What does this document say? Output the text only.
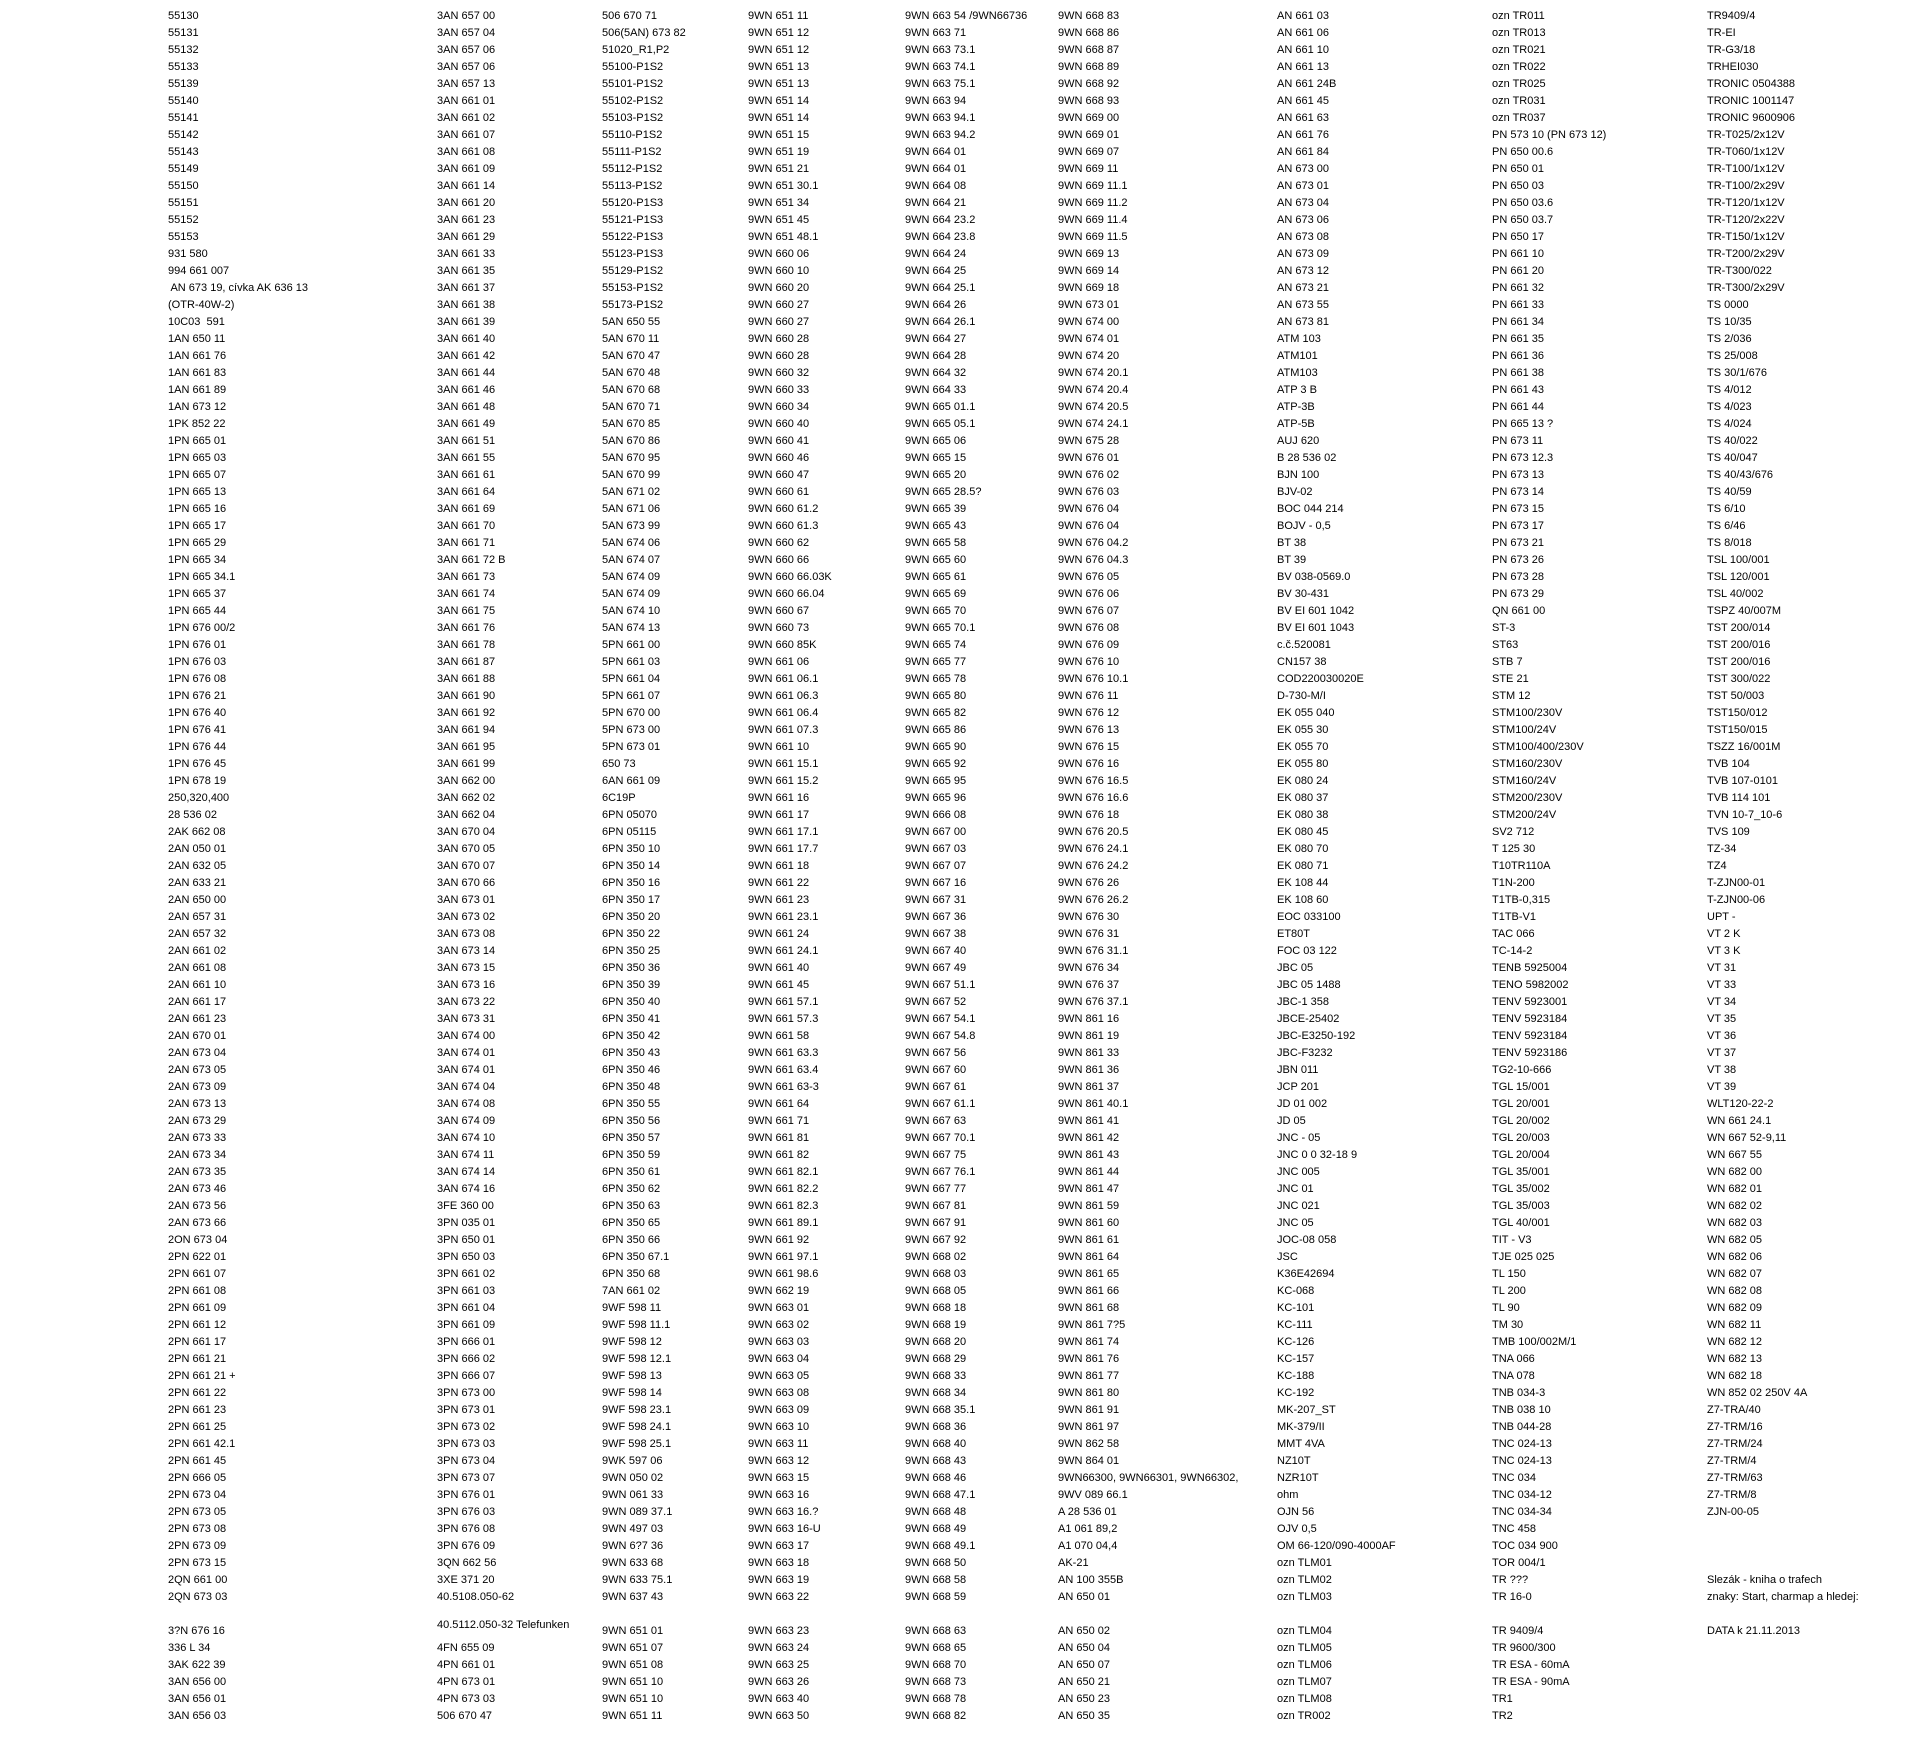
55130
55131
55132
55133
55139
55140
55141
55142
55143
55149
55150
55151
55152
55153
931 580
994 661 007
AN 673 19, cívka AK 636 13
(OTR-40W-2)
10C03  591
1AN 650 11
1AN 661 76
1AN 661 83
1AN 661 89
1AN 673 12
1PK 852 22
1PN 665 01
1PN 665 03
1PN 665 07
1PN 665 13
1PN 665 16
1PN 665 17
1PN 665 29
1PN 665 34
1PN 665 34.1
1PN 665 37
1PN 665 44
1PN 676 00/2
1PN 676 01
1PN 676 03
1PN 676 08
1PN 676 21
1PN 676 40
1PN 676 41
1PN 676 44
1PN 676 45
1PN 678 19
250,320,400
28 536 02
2AK 662 08
2AN 050 01
2AN 632 05
2AN 633 21
2AN 650 00
2AN 657 31
2AN 657 32
2AN 661 02
2AN 661 08
2AN 661 10
2AN 661 17
2AN 661 23
2AN 670 01
2AN 673 04
2AN 673 05
2AN 673 09
2AN 673 13
2AN 673 29
2AN 673 33
2AN 673 34
2AN 673 35
2AN 673 46
2AN 673 56
2AN 673 66
2ON 673 04
2PN 622 01
2PN 661 07
2PN 661 08
2PN 661 09
2PN 661 12
2PN 661 17
2PN 661 21
2PN 661 21 +
2PN 661 22
2PN 661 23
2PN 661 25
2PN 661 42.1
2PN 661 45
2PN 666 05
2PN 673 04
2PN 673 05
2PN 673 08
2PN 673 09
2PN 673 15
2QN 661 00
2QN 673 03
3?N 676 16
336 L 34
3AK 622 39
3AN 656 00
3AN 656 01
3AN 656 03
3AN 657 00
3AN 657 04
3AN 657 06
3AN 657 06
3AN 657 13
3AN 661 01
3AN 661 02
3AN 661 07
3AN 661 08
3AN 661 09
3AN 661 14
3AN 661 20
3AN 661 23
3AN 661 29
3AN 661 33
3AN 661 35
3AN 661 37
3AN 661 38
3AN 661 39
3AN 661 40
3AN 661 42
3AN 661 44
3AN 661 46
3AN 661 48
3AN 661 49
3AN 661 51
3AN 661 55
3AN 661 61
3AN 661 64
3AN 661 69
3AN 661 70
3AN 661 71
3AN 661 72 B
3AN 661 73
3AN 661 74
3AN 661 75
3AN 661 76
3AN 661 78
3AN 661 87
3AN 661 88
3AN 661 90
3AN 661 92
3AN 661 94
3AN 661 95
3AN 661 99
3AN 662 00
3AN 662 02
3AN 662 04
3AN 670 04
3AN 670 05
3AN 670 07
3AN 670 66
3AN 673 01
3AN 673 02
3AN 673 08
3AN 673 14
3AN 673 15
3AN 673 16
3AN 673 22
3AN 673 31
3AN 674 00
3AN 674 01
3AN 674 01
3AN 674 04
3AN 674 08
3AN 674 09
3AN 674 10
3AN 674 11
3AN 674 14
3AN 674 16
3FE 360 00
3PN 035 01
3PN 650 01
3PN 650 03
3PN 661 02
3PN 661 03
3PN 661 04
3PN 661 09
3PN 666 01
3PN 666 02
3PN 666 07
3PN 673 00
3PN 673 01
3PN 673 02
3PN 673 03
3PN 673 04
3PN 673 07
3PN 676 01
3PN 676 03
3PN 676 08
3PN 676 09
3QN 662 56
3XE 371 20
40.5108.050-62
40.5112.050-32 Telefunken
4FN 655 09
4PN 661 01
4PN 673 01
4PN 673 03
506 670 47
506 670 71
506(5AN) 673 82
51020_R1,P2
55100-P1S2
55101-P1S2
55102-P1S2
55103-P1S2
55110-P1S2
55111-P1S2
55112-P1S2
55113-P1S2
55120-P1S3
55121-P1S3
55122-P1S3
55123-P1S3
55129-P1S2
55153-P1S2
55173-P1S2
5AN 650 55
5AN 670 11
5AN 670 47
5AN 670 48
5AN 670 68
5AN 670 71
5AN 670 85
5AN 670 86
5AN 670 95
5AN 670 99
5AN 671 02
5AN 671 06
5AN 673 99
5AN 674 06
5AN 674 07
5AN 674 09
5AN 674 09
5AN 674 10
5AN 674 13
5PN 661 00
5PN 661 03
5PN 661 04
5PN 661 07
5PN 670 00
5PN 673 00
5PN 673 01
650 73
6AN 661 09
6C19P
6PN 05070
6PN 05115
6PN 350 10
6PN 350 14
6PN 350 16
6PN 350 17
6PN 350 20
6PN 350 22
6PN 350 25
6PN 350 36
6PN 350 39
6PN 350 40
6PN 350 41
6PN 350 42
6PN 350 43
6PN 350 46
6PN 350 48
6PN 350 55
6PN 350 56
6PN 350 57
6PN 350 59
6PN 350 61
6PN 350 62
6PN 350 63
6PN 350 65
6PN 350 66
6PN 350 67.1
6PN 350 68
7AN 661 02
9WF 598 11
9WF 598 11.1
9WF 598 12
9WF 598 12.1
9WF 598 13
9WF 598 14
9WF 598 23.1
9WF 598 24.1
9WF 598 25.1
9WK 597 06
9WN 050 02
9WN 061 33
9WN 089 37.1
9WN 497 03
9WN 6?7 36
9WN 633 68
9WN 633 75.1
9WN 637 43
9WN 651 01
9WN 651 07
9WN 651 08
9WN 651 10
9WN 651 10
9WN 651 11
9WN 651 11
9WN 651 12
9WN 651 12
9WN 651 13
9WN 651 13
9WN 651 14
9WN 651 14
9WN 651 15
9WN 651 19
9WN 651 21
9WN 651 30.1
9WN 651 34
9WN 651 45
9WN 651 48.1
9WN 660 06
9WN 660 10
9WN 660 20
9WN 660 27
9WN 660 27
9WN 660 28
9WN 660 28
9WN 660 32
9WN 660 33
9WN 660 34
9WN 660 40
9WN 660 41
9WN 660 46
9WN 660 47
9WN 660 61
9WN 660 61.2
9WN 660 61.3
9WN 660 62
9WN 660 66
9WN 660 66.03K
9WN 660 66.04
9WN 660 67
9WN 660 73
9WN 660 85K
9WN 661 06
9WN 661 06.1
9WN 661 06.3
9WN 661 06.4
9WN 661 07.3
9WN 661 10
9WN 661 15.1
9WN 661 15.2
9WN 661 16
9WN 661 17
9WN 661 17.1
9WN 661 17.7
9WN 661 18
9WN 661 22
9WN 661 23
9WN 661 23.1
9WN 661 24
9WN 661 24.1
9WN 661 40
9WN 661 45
9WN 661 57.1
9WN 661 57.3
9WN 661 58
9WN 661 63.3
9WN 661 63.4
9WN 661 63-3
9WN 661 64
9WN 661 71
9WN 661 81
9WN 661 82
9WN 661 82.1
9WN 661 82.2
9WN 661 82.3
9WN 661 89.1
9WN 661 92
9WN 661 97.1
9WN 661 98.6
9WN 662 19
9WN 663 01
9WN 663 02
9WN 663 03
9WN 663 04
9WN 663 05
9WN 663 08
9WN 663 09
9WN 663 10
9WN 663 11
9WN 663 12
9WN 663 15
9WN 663 16
9WN 663 16.?
9WN 663 16-U
9WN 663 17
9WN 663 18
9WN 663 19
9WN 663 22
9WN 663 23
9WN 663 24
9WN 663 25
9WN 663 26
9WN 663 40
9WN 663 50
9WN 663 54 /9WN66736
9WN 663 71
9WN 663 73.1
9WN 663 74.1
9WN 663 75.1
9WN 663 94
9WN 663 94.1
9WN 663 94.2
9WN 664 01
9WN 664 01
9WN 664 08
9WN 664 21
9WN 664 23.2
9WN 664 23.8
9WN 664 24
9WN 664 25
9WN 664 25.1
9WN 664 26
9WN 664 26.1
9WN 664 27
9WN 664 28
9WN 664 32
9WN 664 33
9WN 665 01.1
9WN 665 05.1
9WN 665 06
9WN 665 15
9WN 665 20
9WN 665 28.5?
9WN 665 39
9WN 665 43
9WN 665 58
9WN 665 60
9WN 665 61
9WN 665 69
9WN 665 70
9WN 665 70.1
9WN 665 74
9WN 665 77
9WN 665 78
9WN 665 80
9WN 665 82
9WN 665 86
9WN 665 90
9WN 665 92
9WN 665 95
9WN 665 96
9WN 666 08
9WN 667 00
9WN 667 03
9WN 667 07
9WN 667 16
9WN 667 31
9WN 667 36
9WN 667 38
9WN 667 40
9WN 667 49
9WN 667 51.1
9WN 667 52
9WN 667 54.1
9WN 667 54.8
9WN 667 56
9WN 667 60
9WN 667 61
9WN 667 61.1
9WN 667 63
9WN 667 70.1
9WN 667 75
9WN 667 76.1
9WN 667 77
9WN 667 81
9WN 667 91
9WN 667 92
9WN 668 02
9WN 668 03
9WN 668 05
9WN 668 18
9WN 668 19
9WN 668 20
9WN 668 29
9WN 668 33
9WN 668 34
9WN 668 35.1
9WN 668 36
9WN 668 40
9WN 668 43
9WN 668 46
9WN 668 47.1
9WN 668 48
9WN 668 49
9WN 668 49.1
9WN 668 50
9WN 668 58
9WN 668 59
9WN 668 63
9WN 668 65
9WN 668 70
9WN 668 73
9WN 668 78
9WN 668 82
9WN 668 83
9WN 668 86
9WN 668 87
9WN 668 89
9WN 668 92
9WN 668 93
9WN 669 00
9WN 669 01
9WN 669 07
9WN 669 11
9WN 669 11.1
9WN 669 11.2
9WN 669 11.4
9WN 669 11.5
9WN 669 13
9WN 669 14
9WN 669 18
9WN 673 01
9WN 674 00
9WN 674 01
9WN 674 20
9WN 674 20.1
9WN 674 20.4
9WN 674 20.5
9WN 674 24.1
9WN 675 28
9WN 676 01
9WN 676 02
9WN 676 03
9WN 676 04
9WN 676 04
9WN 676 04.2
9WN 676 04.3
9WN 676 05
9WN 676 06
9WN 676 07
9WN 676 08
9WN 676 09
9WN 676 10
9WN 676 10.1
9WN 676 11
9WN 676 12
9WN 676 13
9WN 676 15
9WN 676 16
9WN 676 16.5
9WN 676 16.6
9WN 676 18
9WN 676 20.5
9WN 676 24.1
9WN 676 24.2
9WN 676 26
9WN 676 26.2
9WN 676 30
9WN 676 31
9WN 676 31.1
9WN 676 34
9WN 676 37
9WN 676 37.1
9WN 861 16
9WN 861 19
9WN 861 33
9WN 861 36
9WN 861 37
9WN 861 40.1
9WN 861 41
9WN 861 42
9WN 861 43
9WN 861 44
9WN 861 47
9WN 861 59
9WN 861 60
9WN 861 61
9WN 861 64
9WN 861 65
9WN 861 66
9WN 861 68
9WN 861 7?5
9WN 861 74
9WN 861 76
9WN 861 77
9WN 861 80
9WN 861 91
9WN 861 97
9WN 862 58
9WN 864 01
9WN66300, 9WN66301, 9WN66302,
9WV 089 66.1
A 28 536 01
A1 061 89,2
A1 070 04,4
AK-21
AN 100 355B
AN 650 01
AN 650 02
AN 650 04
AN 650 07
AN 650 21
AN 650 23
AN 650 35
AN 661 03
AN 661 06
AN 661 10
AN 661 13
AN 661 24B
AN 661 45
AN 661 63
AN 661 76
AN 661 84
AN 673 00
AN 673 01
AN 673 04
AN 673 06
AN 673 08
AN 673 09
AN 673 12
AN 673 21
AN 673 55
AN 673 81
ATM 103
ATM101
ATM103
ATP 3 B
ATP-3B
ATP-5B
AUJ 620
B 28 536 02
BJN 100
BJV-02
BOC 044 214
BOJV - 0,5
BT 38
BT 39
BV 038-0569.0
BV 30-431
BV EI 601 1042
BV EI 601 1043
c.č.520081
CN157 38
COD220030020E
D-730-M/I
EK 055 040
EK 055 30
EK 055 70
EK 055 80
EK 080 24
EK 080 37
EK 080 38
EK 080 45
EK 080 70
EK 080 71
EK 108 44
EK 108 60
EOC 033100
ET80T
FOC 03 122
JBC 05
JBC 05 1488
JBC-1 358
JBCE-25402
JBC-E3250-192
JBC-F3232
JBN 011
JCP 201
JD 01 002
JD 05
JNC - 05
JNC 0 0 32-18 9
JNC 005
JNC 01
JNC 021
JNC 05
JOC-08 058
JSC
K36E42694
KC-068
KC-101
KC-111
KC-126
KC-157
KC-188
KC-192
MK-207_ST
MK-379/II
MMT 4VA
NZ10T
NZR10T
ohm
OJN 56
OJV 0,5
OM 66-120/090-4000AF
ozn TLM01
ozn TLM02
ozn TLM03
ozn TLM04
ozn TLM05
ozn TLM06
ozn TLM07
ozn TLM08
ozn TR002
ozn TR011
ozn TR013
ozn TR021
ozn TR022
ozn TR025
ozn TR031
ozn TR037
PN 573 10 (PN 673 12)
PN 650 00.6
PN 650 01
PN 650 03
PN 650 03.6
PN 650 03.7
PN 650 17
PN 661 10
PN 661 20
PN 661 32
PN 661 33
PN 661 34
PN 661 35
PN 661 36
PN 661 38
PN 661 43
PN 661 44
PN 665 13 ?
PN 673 11
PN 673 12.3
PN 673 13
PN 673 14
PN 673 15
PN 673 17
PN 673 21
PN 673 26
PN 673 28
PN 673 29
QN 661 00
ST-3
ST63
STB 7
STE 21
STM 12
STM100/230V
STM100/24V
STM100/400/230V
STM160/230V
STM160/24V
STM200/230V
STM200/24V
SV2 712
T 125 30
T10TR110A
T1N-200
T1TB-0,315
T1TB-V1
TAC 066
TC-14-2
TENB 5925004
TENO 5982002
TENV 5923001
TENV 5923184
TENV 5923184
TENV 5923186
TG2-10-666
TGL 15/001
TGL 20/001
TGL 20/002
TGL 20/003
TGL 20/004
TGL 35/001
TGL 35/002
TGL 35/003
TGL 40/001
TIT - V3
TJE 025 025
TL 150
TL 200
TL 90
TM 30
TMB 100/002M/1
TNA 066
TNA 078
TNB 034-3
TNB 038 10
TNB 044-28
TNC 024-13
TNC 024-13
TNC 034
TNC 034-12
TNC 034-34
TNC 458
TOC 034 900
TOR 004/1
TR ???
TR 16-0
TR 9409/4
TR 9600/300
TR ESA - 60mA
TR ESA - 90mA
TR1
TR2
TR9409/4
TR-EI
TR-G3/18
TRHEI030
TRONIC 0504388
TRONIC 1001147
TRONIC 9600906
TR-T025/2x12V
TR-T060/1x12V
TR-T100/1x12V
TR-T100/2x29V
TR-T120/1x12V
TR-T120/2x22V
TR-T150/1x12V
TR-T200/2x29V
TR-T300/022
TR-T300/2x29V
TS 0000
TS 10/35
TS 2/036
TS 25/008
TS 30/1/676
TS 4/012
TS 4/023
TS 4/024
TS 40/022
TS 40/047
TS 40/43/676
TS 40/59
TS 6/10
TS 6/46
TS 8/018
TSL 100/001
TSL 120/001
TSL 40/002
TSPZ 40/007M
TST 200/014
TST 200/016
TST 200/016
TST 300/022
TST 50/003
TST150/012
TST150/015
TSZZ 16/001M
TVB 104
TVB 107-0101
TVB 114 101
TVN 10-7_10-6
TVS 109
TZ-34
TZ4
T-ZJN00-01
T-ZJN00-06
UPT -
VT 2 K
VT 3 K
VT 31
VT 33
VT 34
VT 35
VT 36
VT 37
VT 38
VT 39
WLT120-22-2
WN 661 24.1
WN 667 52-9,11
WN 667 55
WN 682 00
WN 682 01
WN 682 02
WN 682 03
WN 682 05
WN 682 06
WN 682 07
WN 682 08
WN 682 09
WN 682 11
WN 682 12
WN 682 13
WN 682 18
WN 852 02 250V 4A
Z7-TRA/40
Z7-TRM/16
Z7-TRM/24
Z7-TRM/4
Z7-TRM/63
Z7-TRM/8
ZJN-00-05
Slezák - kniha o trafech
znaky: Start, charmap a hledej:
DATA k 21.11.2013
